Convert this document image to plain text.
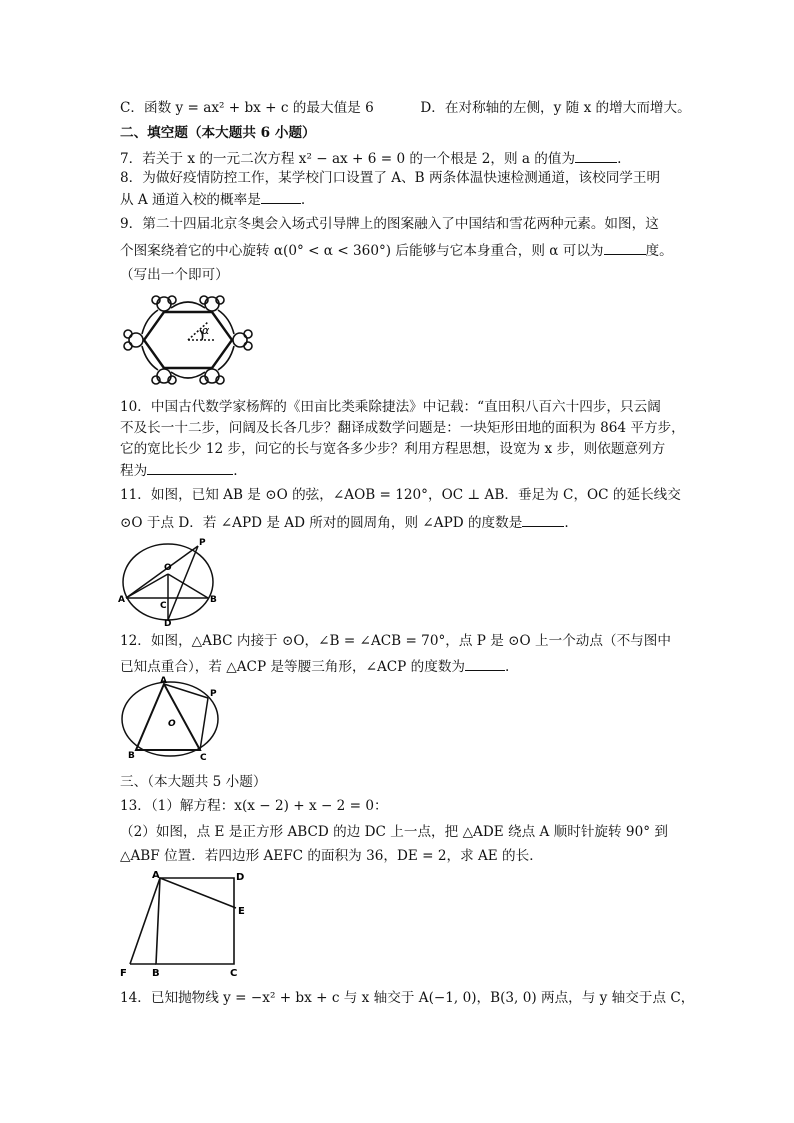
C．函数 y = ax² + bx + c 的最大值是 6	D．在对称轴的左侧，y 随 x 的增大而增大。
二、填空题（本大题共 6 小题）
7．若关于 x 的一元二次方程 x² − ax + 6 = 0 的一个根是 2，则 a 的值为	.
8．为做好疫情防控工作，某学校门口设置了 A、B 两条体温快速检测通道，该校同学王明
从 A 通道入校的概率是	.
9．第二十四届北京冬奥会入场式引导牌上的图案融入了中国结和雪花两种元素。如图，这
个图案绕着它的中心旋转 α(0° < α < 360°) 后能够与它本身重合，则 α 可以为	度。
（写出一个即可）
α
10．中国古代数学家杨辉的《田亩比类乘除捷法》中记载：“直田积八百六十四步，只云阔
不及长一十二步，问阔及长各几步？翻译成数学问题是：一块矩形田地的面积为 864 平方步，
它的宽比长少 12 步，问它的长与宽各多少步？利用方程思想，设宽为 x 步，则依题意列方
程为	.
11．如图，已知 AB 是 ⊙O 的弦，∠AOB = 120°，OC ⊥ AB．垂足为 C，OC 的延长线交
⊙O 于点 D．若 ∠APD 是 AD 所对的圆周角，则 ∠APD 的度数是	.
P
O
A	B
C
D
12．如图，△ABC 内接于 ⊙O，∠B = ∠ACB = 70°，点 P 是 ⊙O 上一个动点（不与图中
已知点重合），若 △ACP 是等腰三角形，∠ACP 的度数为	.
A
P
O
B	C
三、（本大题共 5 小题）
13．（1）解方程：x(x − 2) + x − 2 = 0：
（2）如图，点 E 是正方形 ABCD 的边 DC 上一点，把 △ADE 绕点 A 顺时针旋转 90° 到
△ABF 位置．若四边形 AEFC 的面积为 36，DE = 2，求 AE 的长．
A	D
E
F	B	C
14．已知抛物线 y = −x² + bx + c 与 x 轴交于 A(−1, 0)，B(3, 0) 两点，与 y 轴交于点 C，
